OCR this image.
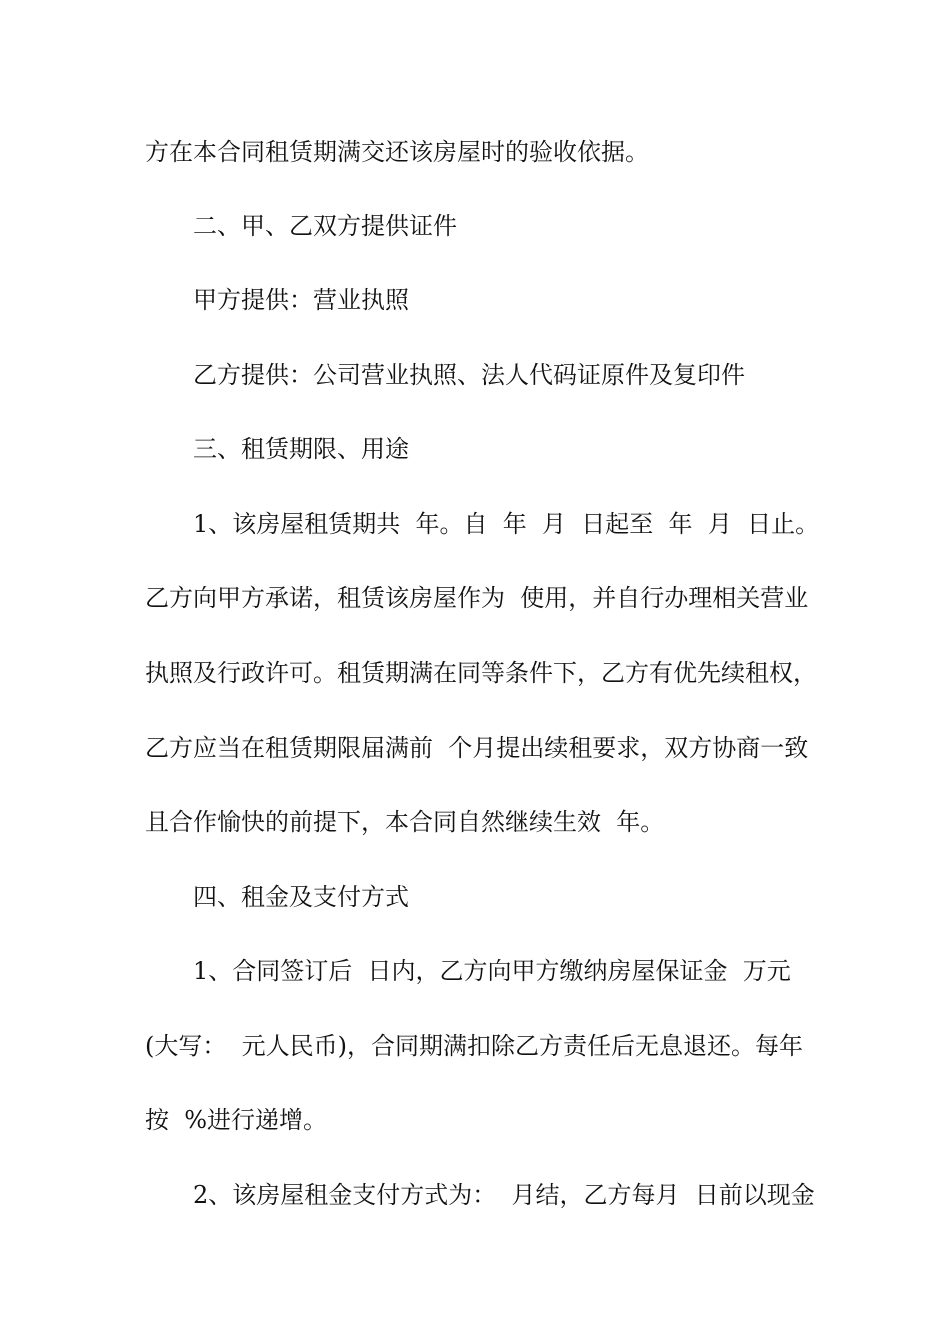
方在本合同租赁期满交还该房屋时的验收依据。
二、甲、乙双方提供证件
甲方提供：营业执照
乙方提供：公司营业执照、法人代码证原件及复印件
三、租赁期限、用途
1、该房屋租赁期共  年。自  年  月  日起至  年  月  日止。
乙方向甲方承诺，租赁该房屋作为  使用，并自行办理相关营业
执照及行政许可。租赁期满在同等条件下，乙方有优先续租权，
乙方应当在租赁期限届满前  个月提出续租要求，双方协商一致
且合作愉快的前提下，本合同自然继续生效  年。
四、租金及支付方式
1、合同签订后  日内，乙方向甲方缴纳房屋保证金  万元
(大写：  元人民币)，合同期满扣除乙方责任后无息退还。每年
按  %进行递增。
2、该房屋租金支付方式为：  月结，乙方每月  日前以现金
